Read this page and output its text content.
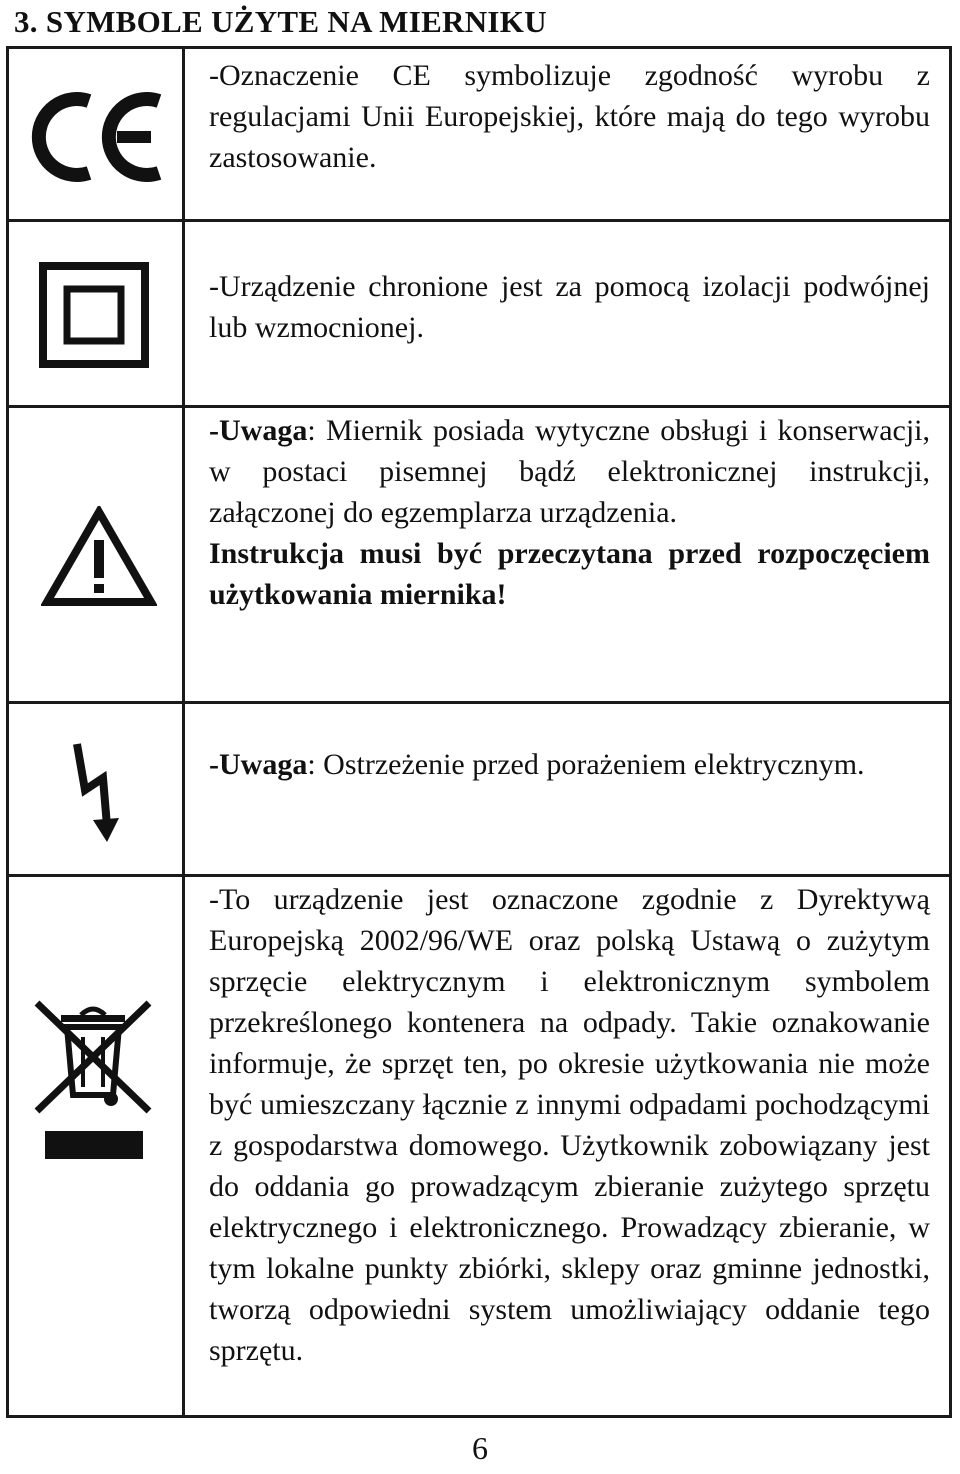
3. SYMBOLE UŻYTE NA MIERNIKU

-Oznaczenie CE symbolizuje zgodność wyrobu z regulacjami Unii Europejskiej, które mają do tego wyrobu zastosowanie.

-Urządzenie chronione jest za pomocą izolacji podwójnej lub wzmocnionej.

-Uwaga: Miernik posiada wytyczne obsługi i konserwacji, w postaci pisemnej bądź elektronicznej instrukcji, załączonej do egzemplarza urządzenia.

Instrukcja musi być przeczytana przed rozpoczęciem użytkowania miernika!

-Uwaga: Ostrzeżenie przed porażeniem elektrycznym.

-To urządzenie jest oznaczone zgodnie z Dyrektywą Europejską 2002/96/WE oraz polską Ustawą o zużytym sprzęcie elektrycznym i elektronicznym symbolem przekreślonego kontenera na odpady. Takie oznakowanie informuje, że sprzęt ten, po okresie użytkowania nie może być umieszczany łącznie z innymi odpadami pochodzącymi z gospodarstwa domowego. Użytkownik zobowiązany jest do oddania go prowadzącym zbieranie zużytego sprzętu elektrycznego i elektronicznego. Prowadzący zbieranie, w tym lokalne punkty zbiórki, sklepy oraz gminne jednostki, tworzą odpowiedni system umożliwiający oddanie tego sprzętu.

6
